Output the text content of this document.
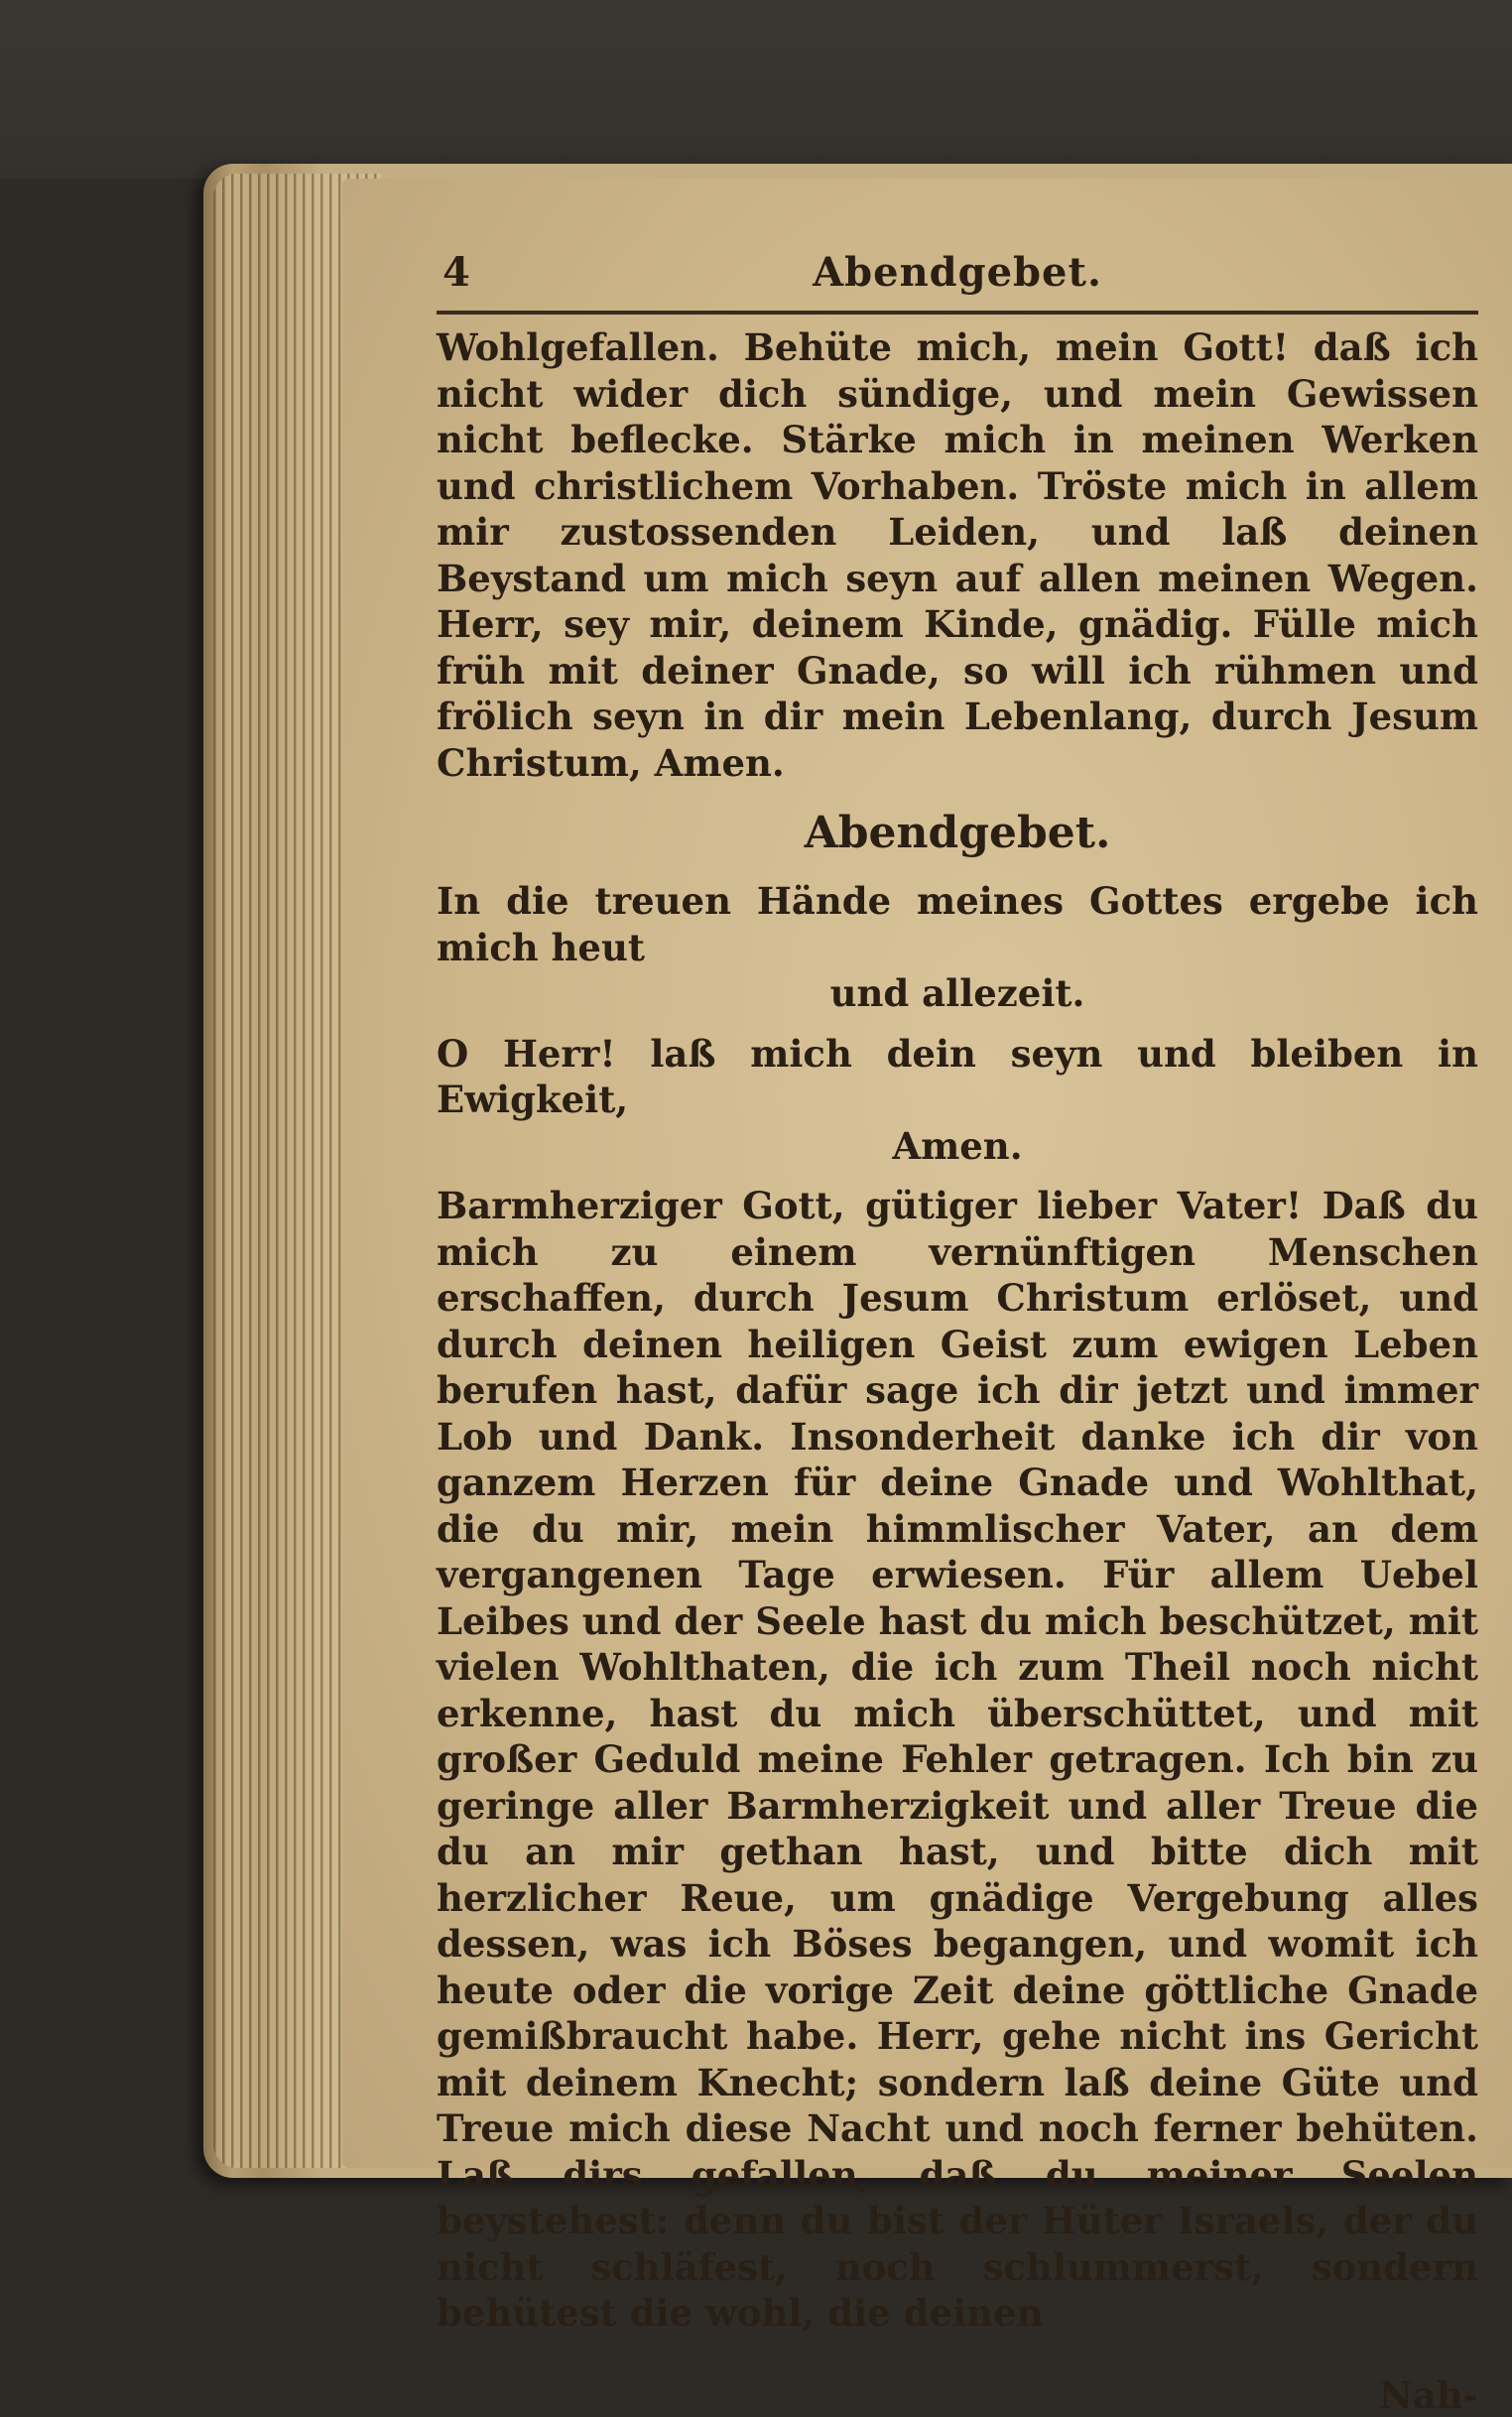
4	Abendgebet.

Wohlgefallen. Behüte mich, mein Gott! daß ich nicht wider dich sündige, und mein Gewissen nicht beflecke. Stärke mich in meinen Werken und christlichem Vorhaben. Tröste mich in allem mir zustossenden Leiden, und laß deinen Beystand um mich seyn auf allen meinen Wegen. Herr, sey mir, deinem Kinde, gnädig. Fülle mich früh mit deiner Gnade, so will ich rühmen und frölich seyn in dir mein Lebenlang, durch Jesum Christum, Amen.

Abendgebet.

In die treuen Hände meines Gottes ergebe ich mich heut
und allezeit.

O Herr! laß mich dein seyn und bleiben in Ewigkeit,
Amen.

Barmherziger Gott, gütiger lieber Vater! Daß du mich zu einem vernünftigen Menschen erschaffen, durch Jesum Christum erlöset, und durch deinen heiligen Geist zum ewigen Leben berufen hast, dafür sage ich dir jetzt und immer Lob und Dank. Insonderheit danke ich dir von ganzem Herzen für deine Gnade und Wohlthat, die du mir, mein himmlischer Vater, an dem vergangenen Tage erwiesen. Für allem Uebel Leibes und der Seele hast du mich beschützet, mit vielen Wohlthaten, die ich zum Theil noch nicht erkenne, hast du mich überschüttet, und mit großer Geduld meine Fehler getragen. Ich bin zu geringe aller Barmherzigkeit und aller Treue die du an mir gethan hast, und bitte dich mit herzlicher Reue, um gnädige Vergebung alles dessen, was ich Böses begangen, und womit ich heute oder die vorige Zeit deine göttliche Gnade gemißbraucht habe. Herr, gehe nicht ins Gericht mit deinem Knecht; sondern laß deine Güte und Treue mich diese Nacht und noch ferner behüten. Laß dirs gefallen, daß du meiner Seelen beystehest: denn du bist der Hüter Israels, der du nicht schläfest, noch schlummerst, sondern behütest die wohl, die deinen

Nah-
